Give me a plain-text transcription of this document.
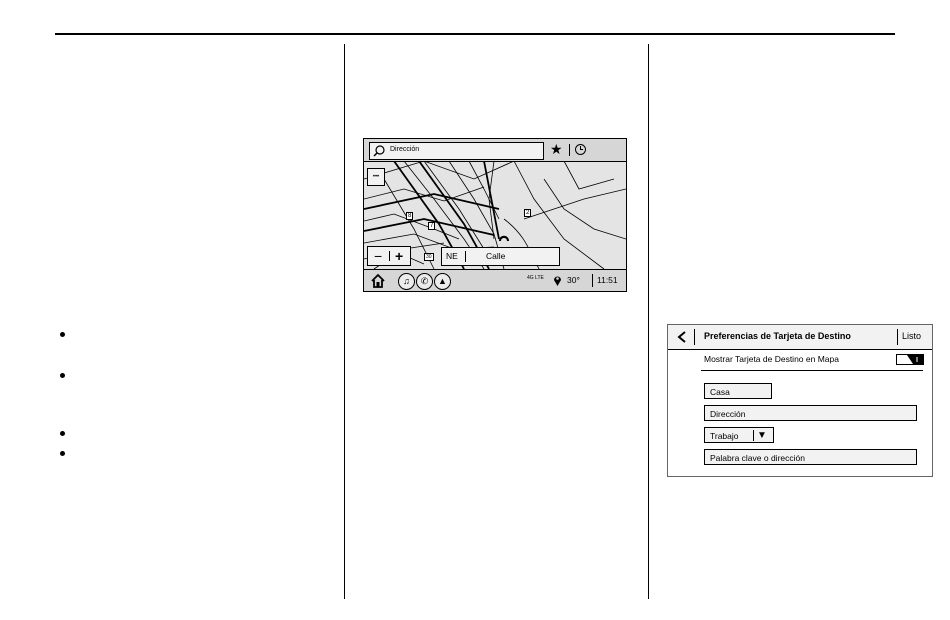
Dirección	★
•••
8
7
2
30
− +	NE	Calle
♫	✆	▲	4G LTE	30° 11:51
Preferencias de Tarjeta de Destino	Listo
Mostrar Tarjeta de Destino en Mapa
Casa
Dirección
Trabajo ▼
Palabra clave o dirección
